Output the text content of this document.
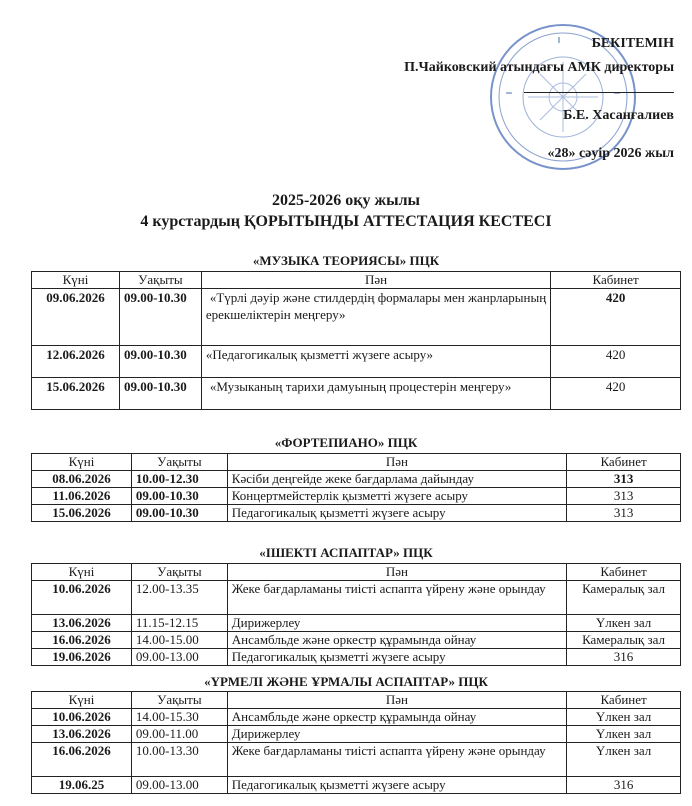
БЕКІТЕМІН
П.Чайковский атындағы АМК директоры
Б.Е. Хасанғалиев
«28» сәуір 2026 жыл
2025-2026 оқу жылы
4 курстардың ҚОРЫТЫНДЫ АТТЕСТАЦИЯ КЕСТЕСІ
«МУЗЫКА ТЕОРИЯСЫ» ПЦК
Күні	Уақыты	Пән	Кабинет
09.06.2026	09.00-10.30	«Түрлі дәуір және стилдердің формалары мен жанрларының ерекшеліктерін меңгеру»	420
12.06.2026	09.00-10.30	«Педагогикалық қызметті жүзеге асыру»	420
15.06.2026	09.00-10.30	«Музыканың тарихи дамуының процестерін меңгеру»	420
«ФОРТЕПИАНО» ПЦК
Күні	Уақыты	Пән	Кабинет
08.06.2026	10.00-12.30	Кәсіби деңгейде жеке бағдарлама дайындау	313
11.06.2026	09.00-10.30	Концертмейстерлік қызметті жүзеге асыру	313
15.06.2026	09.00-10.30	Педагогикалық қызметті жүзеге асыру	313
«ІШЕКТІ АСПАПТАР» ПЦК
Күні	Уақыты	Пән	Кабинет
10.06.2026	12.00-13.35	Жеке бағдарламаны тиісті аспапта үйрену және орындау	Камералық зал
13.06.2026	11.15-12.15	Дирижерлеу	Үлкен зал
16.06.2026	14.00-15.00	Ансамбльде және оркестр құрамында ойнау	Камералық зал
19.06.2026	09.00-13.00	Педагогикалық қызметті жүзеге асыру	316
«ҮРМЕЛІ ЖӘНЕ ҰРМАЛЫ АСПАПТАР» ПЦК
Күні	Уақыты	Пән	Кабинет
10.06.2026	14.00-15.30	Ансамбльде және оркестр құрамында ойнау	Үлкен зал
13.06.2026	09.00-11.00	Дирижерлеу	Үлкен зал
16.06.2026	10.00-13.30	Жеке бағдарламаны тиісті аспапта үйрену және орындау	Үлкен зал
19.06.25	09.00-13.00	Педагогикалық қызметті жүзеге асыру	316
